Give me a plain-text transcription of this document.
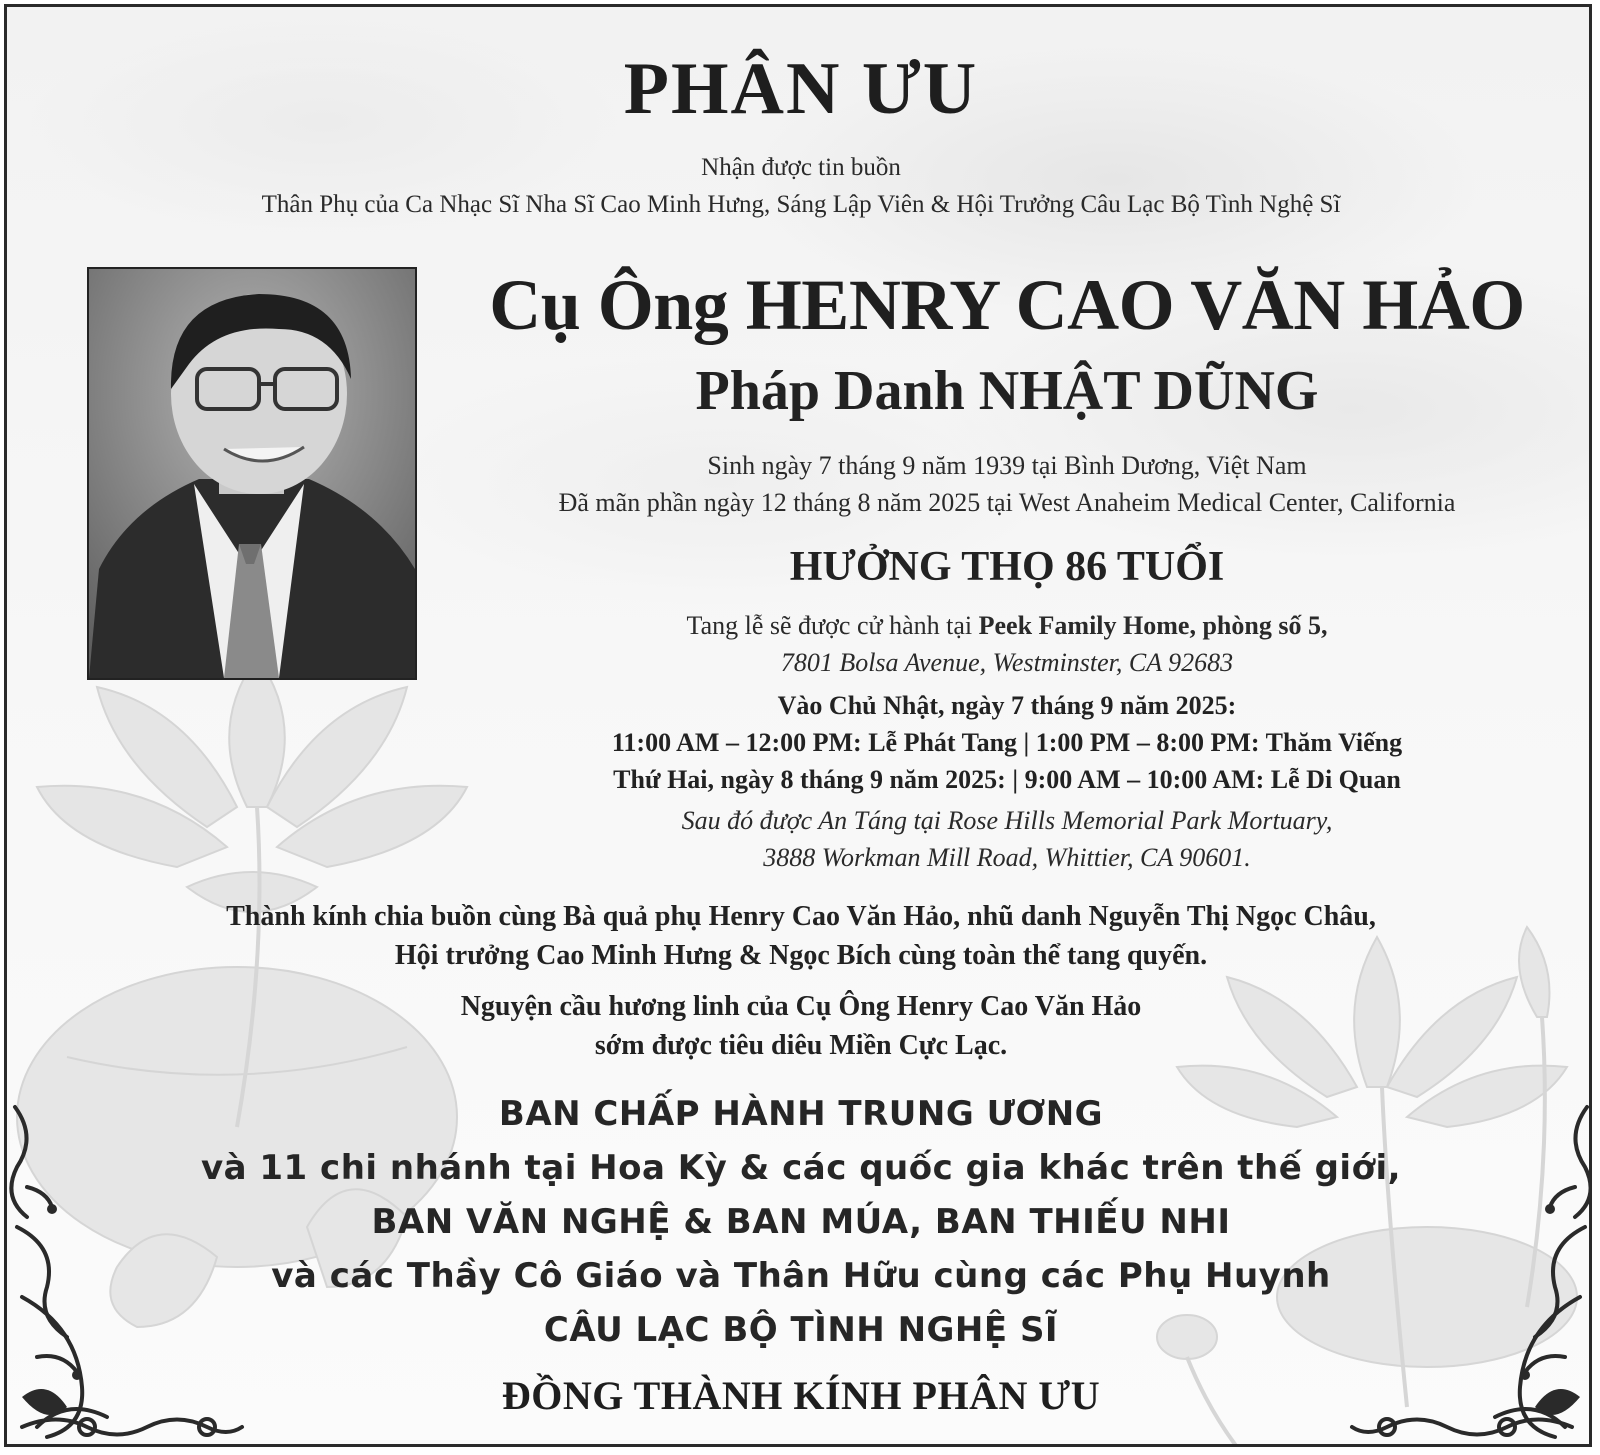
PHÂN ƯU
Nhận được tin buồn
Thân Phụ của Ca Nhạc Sĩ Nha Sĩ Cao Minh Hưng, Sáng Lập Viên & Hội Trưởng Câu Lạc Bộ Tình Nghệ Sĩ
Cụ Ông HENRY CAO VĂN HẢO
Pháp Danh NHẬT DŨNG
Sinh ngày 7 tháng 9 năm 1939 tại Bình Dương, Việt Nam
Đã mãn phần ngày 12 tháng 8 năm 2025 tại West Anaheim Medical Center, California
HƯỞNG THỌ 86 TUỔI
Tang lễ sẽ được cử hành tại Peek Family Home, phòng số 5,
7801 Bolsa Avenue, Westminster, CA 92683
Vào Chủ Nhật, ngày 7 tháng 9 năm 2025:
11:00 AM – 12:00 PM: Lễ Phát Tang | 1:00 PM – 8:00 PM: Thăm Viếng
Thứ Hai, ngày 8 tháng 9 năm 2025: | 9:00 AM – 10:00 AM: Lễ Di Quan
Sau đó được An Táng tại Rose Hills Memorial Park Mortuary,
3888 Workman Mill Road, Whittier, CA 90601.
Thành kính chia buồn cùng Bà quả phụ Henry Cao Văn Hảo, nhũ danh Nguyễn Thị Ngọc Châu,
Hội trưởng Cao Minh Hưng & Ngọc Bích cùng toàn thể tang quyến.
Nguyện cầu hương linh của Cụ Ông Henry Cao Văn Hảo
sớm được tiêu diêu Miền Cực Lạc.
BAN CHẤP HÀNH TRUNG ƯƠNG
và 11 chi nhánh tại Hoa Kỳ & các quốc gia khác trên thế giới,
BAN VĂN NGHỆ & BAN MÚA, BAN THIẾU NHI
và các Thầy Cô Giáo và Thân Hữu cùng các Phụ Huynh
CÂU LẠC BỘ TÌNH NGHỆ SĨ
ĐỒNG THÀNH KÍNH PHÂN ƯU
